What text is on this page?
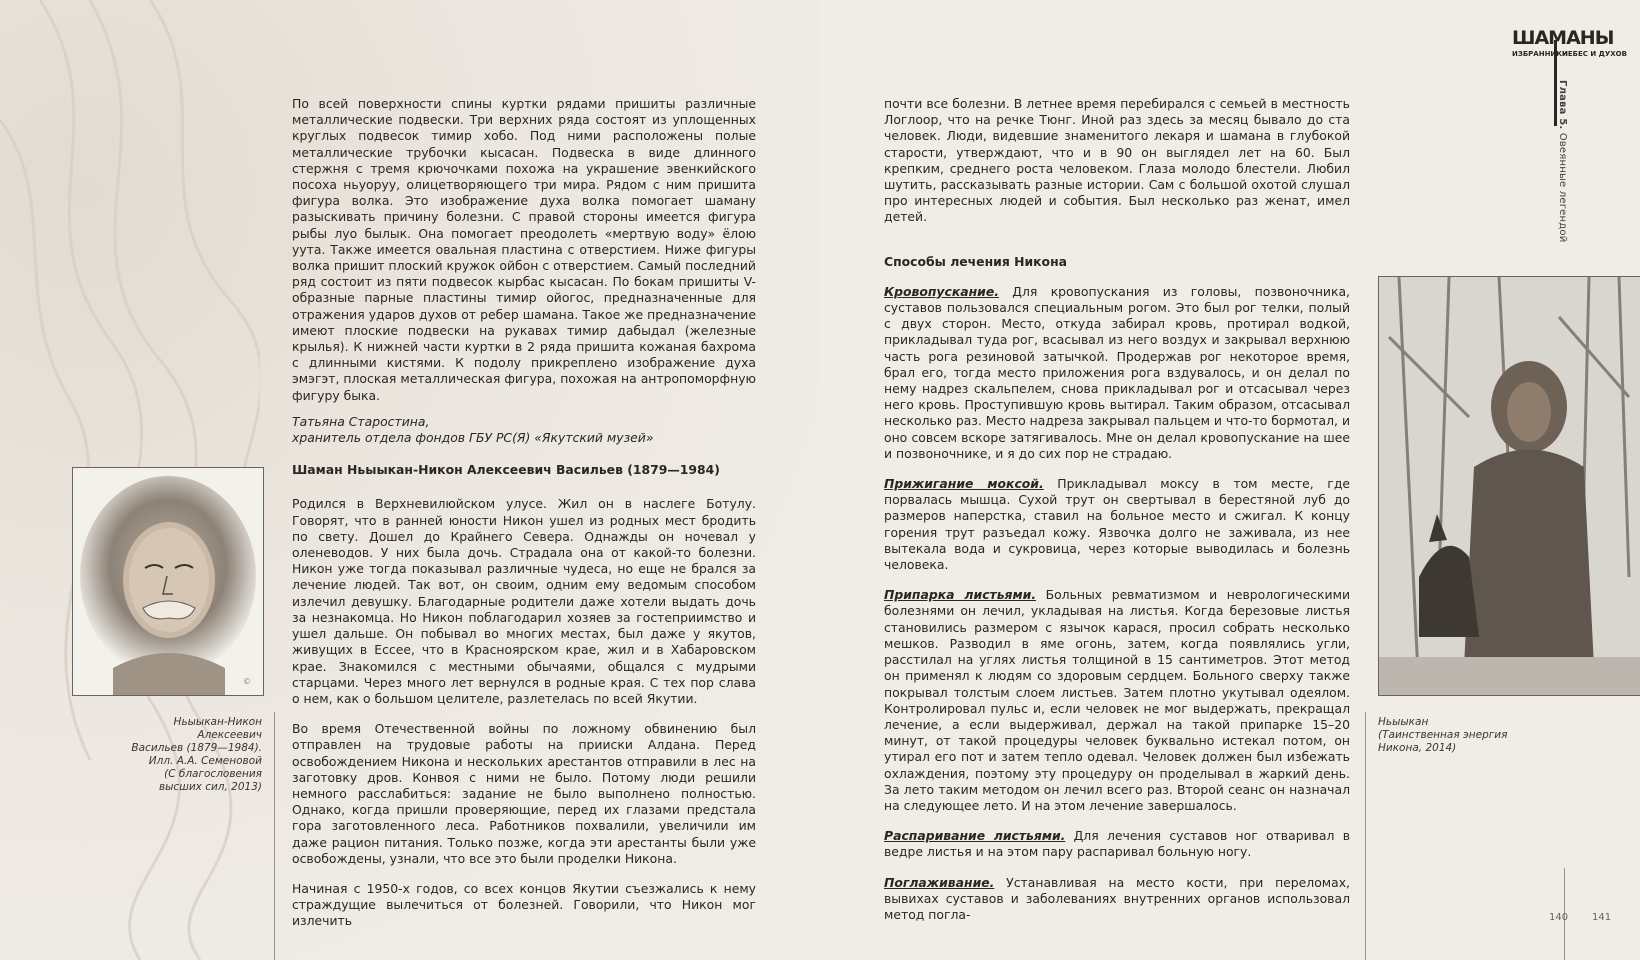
ШАМАНЫ
ИЗБРАННИКИ
НЕБЕС И ДУХОВ
Глава 5. Овеянные легендой

По всей поверхности спины куртки рядами пришиты различные металлические подвески. Три верхних ряда состоят из уплощенных круглых подвесок тимир хобо. Под ними расположены полые металлические трубочки кысасан. Подвеска в виде длинного стержня с тремя крючочками похожа на украшение эвенкийского посоха ньуоруу, олицетворяющего три мира. Рядом с ним пришита фигура волка. Это изображение духа волка помогает шаману разыскивать причину болезни. С правой стороны имеется фигура рыбы луо былык. Она помогает преодолеть «мертвую воду» ёлою уута. Также имеется овальная пластина с отверстием. Ниже фигуры волка пришит плоский кружок ойбон с отверстием. Самый последний ряд состоит из пяти подвесок кырбас кысасан. По бокам пришиты V-образные парные пластины тимир ойогос, предназначенные для отражения ударов духов от ребер шамана. Такое же предназначение имеют плоские подвески на рукавах тимир дабыдал (железные крылья). К нижней части куртки в 2 ряда пришита кожаная бахрома с длинными кистями. К подолу прикреплено изображение духа эмэгэт, плоская металлическая фигура, похожая на антропоморфную фигуру быка.

Татьяна Старостина,

хранитель отдела фондов ГБУ РС(Я) «Якутский музей»

Шаман Ньыыкан-Никон Алексеевич Васильев (1879—1984)

Родился в Верхневилюйском улусе. Жил он в наслеге Ботулу. Говорят, что в ранней юности Никон ушел из родных мест бродить по свету. Дошел до Крайнего Севера. Однажды он ночевал у оленеводов. У них была дочь. Страдала она от какой-то болезни. Никон уже тогда показывал различные чудеса, но еще не брался за лечение людей. Так вот, он своим, одним ему ведомым способом излечил девушку. Благодарные родители даже хотели выдать дочь за незнакомца. Но Никон поблагодарил хозяев за гостеприимство и ушел дальше. Он побывал во многих местах, был даже у якутов, живущих в Ессее, что в Красноярском крае, жил и в Хабаровском крае. Знакомился с местными обычаями, общался с мудрыми старцами. Через много лет вернулся в родные края. С тех пор слава о нем, как о большом целителе, разлетелась по всей Якутии.

Во время Отечественной войны по ложному обвинению был отправлен на трудовые работы на прииски Алдана. Перед освобождением Никона и нескольких арестантов отправили в лес на заготовку дров. Конвоя с ними не было. Потому люди решили немного расслабиться: задание не было выполнено полностью. Однако, когда пришли проверяющие, перед их глазами предстала гора заготовленного леса. Работников похвалили, увеличили им даже рацион питания. Только позже, когда эти арестанты были уже освобождены, узнали, что все это были проделки Никона.

Начиная с 1950-х годов, со всех концов Якутии съезжались к нему страждущие вылечиться от болезней. Говорили, что Никон мог излечить

©
Ньыыкан-Никон Алексеевич
Васильев (1879—1984).
Илл. А.А. Семеновой
(С благословения
высших сил, 2013)

почти все болезни. В летнее время перебирался с семьей в местность Логлоор, что на речке Тюнг. Иной раз здесь за месяц бывало до ста человек. Люди, видевшие знаменитого лекаря и шамана в глубокой старости, утверждают, что и в 90 он выглядел лет на 60. Был крепким, среднего роста человеком. Глаза молодо блестели. Любил шутить, рассказывать разные истории. Сам с большой охотой слушал про интересных людей и события. Был несколько раз женат, имел детей.

Способы лечения Никона

Кровопускание. Для кровопускания из головы, позвоночника, суставов пользовался специальным рогом. Это был рог телки, полый с двух сторон. Место, откуда забирал кровь, протирал водкой, прикладывал туда рог, всасывал из него воздух и закрывал верхнюю часть рога резиновой затычкой. Продержав рог некоторое время, брал его, тогда место приложения рога вздувалось, и он делал по нему надрез скальпелем, снова прикладывал рог и отсасывал через него кровь. Проступившую кровь вытирал. Таким образом, отсасывал несколько раз. Место надреза закрывал пальцем и что-то бормотал, и оно совсем вскоре затягивалось. Мне он делал кровопускание на шее и позвоночнике, и я до сих пор не страдаю.

Прижигание моксой. Прикладывал моксу в том месте, где порвалась мышца. Сухой трут он свертывал в берестяной луб до размеров наперстка, ставил на больное место и сжигал. К концу горения трут разъедал кожу. Язвочка долго не заживала, из нее вытекала вода и сукровица, через которые выводилась и болезнь человека.

Припарка листьями. Больных ревматизмом и неврологическими болезнями он лечил, укладывая на листья. Когда березовые листья становились размером с язычок карася, просил собрать несколько мешков. Разводил в яме огонь, затем, когда появлялись угли, расстилал на углях листья толщиной в 15 сантиметров. Этот метод он применял к людям со здоровым сердцем. Больного сверху также покрывал толстым слоем листьев. Затем плотно укутывал одеялом. Контролировал пульс и, если человек не мог выдержать, прекращал лечение, а если выдерживал, держал на такой припарке 15–20 минут, от такой процедуры человек буквально истекал потом, он утирал его пот и затем тепло одевал. Человек должен был избежать охлаждения, поэтому эту процедуру он проделывал в жаркий день. За лето таким методом он лечил всего раз. Второй сеанс он назначал на следующее лето. И на этом лечение завершалось.

Распаривание листьями. Для лечения суставов ног отваривал в ведре листья и на этом пару распаривал больную ногу.

Поглаживание. Устанавливая на место кости, при переломах, вывихах суставов и заболеваниях внутренних органов использовал метод погла-

Ньыыкан
(Таинственная энергия
Никона, 2014)
140 141
